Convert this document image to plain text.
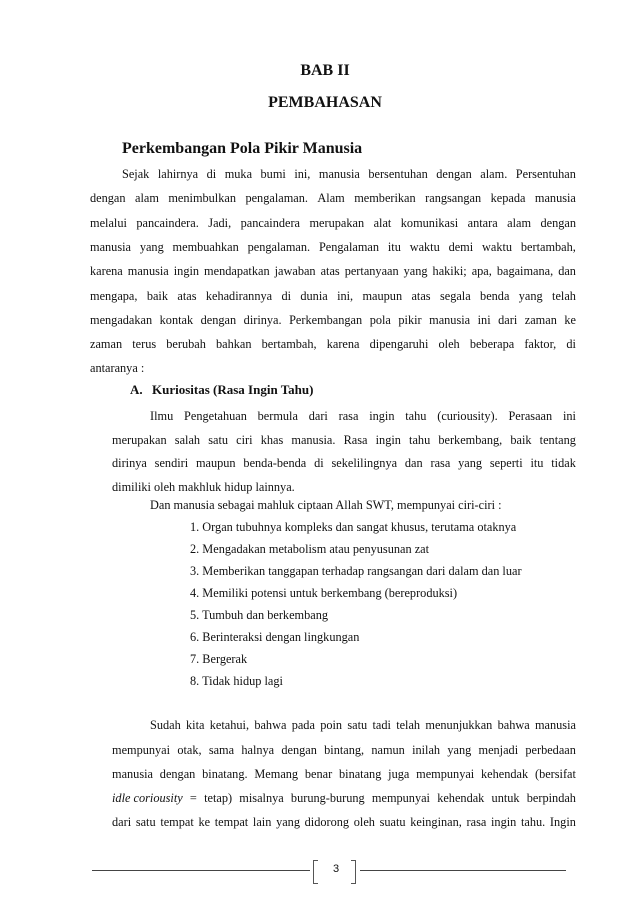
BAB II
PEMBAHASAN
Perkembangan Pola Pikir Manusia
Sejak lahirnya di muka bumi ini, manusia bersentuhan dengan alam. Persentuhan
dengan alam menimbulkan pengalaman. Alam memberikan rangsangan kepada manusia
melalui pancaindera. Jadi, pancaindera merupakan alat komunikasi antara alam dengan
manusia yang membuahkan pengalaman. Pengalaman itu waktu demi waktu bertambah,
karena manusia ingin mendapatkan jawaban atas pertanyaan yang hakiki; apa, bagaimana, dan
mengapa, baik atas kehadirannya di dunia ini, maupun atas segala benda yang telah
mengadakan kontak dengan dirinya. Perkembangan pola pikir manusia ini dari zaman ke
zaman terus berubah bahkan bertambah, karena dipengaruhi oleh beberapa faktor, di
antaranya :
A. Kuriositas (Rasa Ingin Tahu)
Ilmu Pengetahuan bermula dari rasa ingin tahu (curiousity). Perasaan ini
merupakan salah satu ciri khas manusia. Rasa ingin tahu berkembang, baik tentang
dirinya sendiri maupun benda-benda di sekelilingnya dan rasa yang seperti itu tidak
dimiliki oleh makhluk hidup lainnya.
Dan manusia sebagai mahluk ciptaan Allah SWT, mempunyai ciri-ciri :
1. Organ tubuhnya kompleks dan sangat khusus, terutama otaknya
2. Mengadakan metabolism atau penyusunan zat
3. Memberikan tanggapan terhadap rangsangan dari dalam dan luar
4. Memiliki potensi untuk berkembang (bereproduksi)
5. Tumbuh dan berkembang
6. Berinteraksi dengan lingkungan
7. Bergerak
8. Tidak hidup lagi
Sudah kita ketahui, bahwa pada poin satu tadi telah menunjukkan bahwa manusia
mempunyai otak, sama halnya dengan bintang, namun inilah yang menjadi perbedaan
manusia dengan binatang. Memang benar binatang juga mempunyai kehendak (bersifat
idle coriousity = tetap) misalnya burung-burung mempunyai kehendak untuk berpindah
dari satu tempat ke tempat lain yang didorong oleh suatu keinginan, rasa ingin tahu. Ingin
3
